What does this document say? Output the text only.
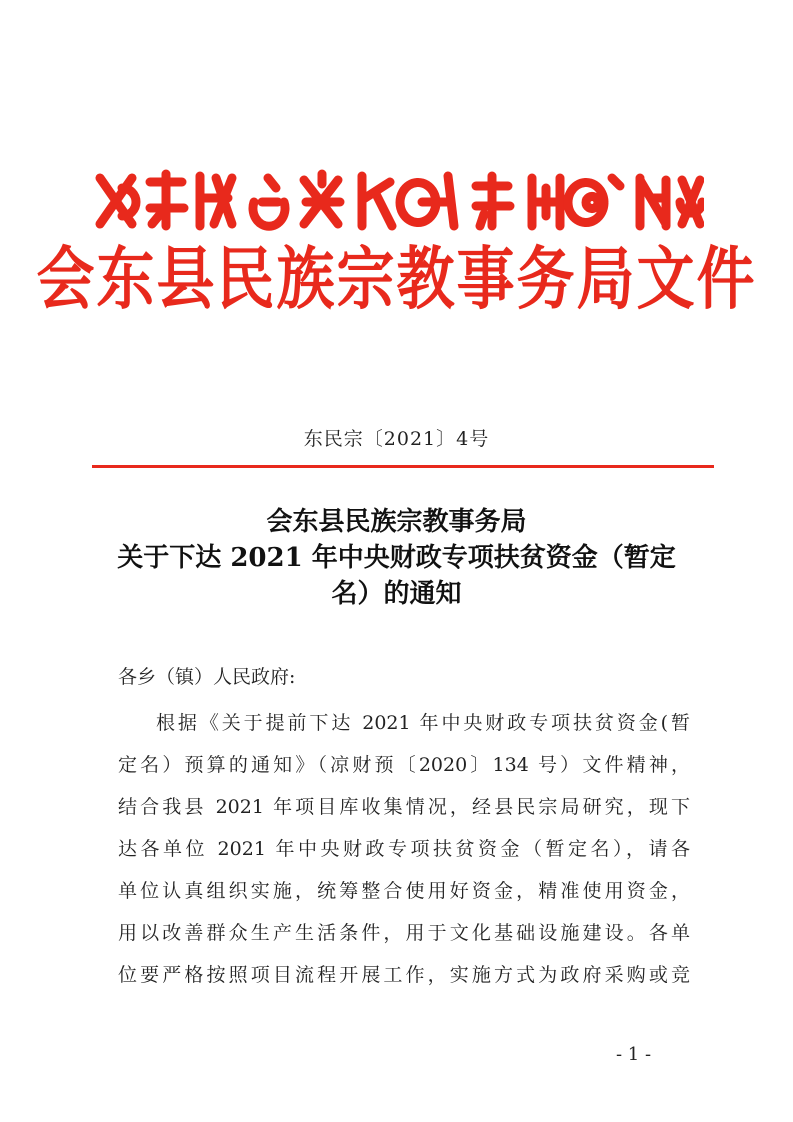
会东县民族宗教事务局文件
东民宗〔2021〕4号
会东县民族宗教事务局
关于下达 2021 年中央财政专项扶贫资金（暂定
名）的通知
各乡（镇）人民政府:
根据《关于提前下达 2021 年中央财政专项扶贫资金(暂
定名）预算的通知》（凉财预〔2020〕134 号）文件精神，
结合我县 2021 年项目库收集情况，经县民宗局研究，现下
达各单位 2021 年中央财政专项扶贫资金（暂定名），请各
单位认真组织实施，统筹整合使用好资金，精准使用资金，
用以改善群众生产生活条件，用于文化基础设施建设。各单
位要严格按照项目流程开展工作，实施方式为政府采购或竞
- 1 -
